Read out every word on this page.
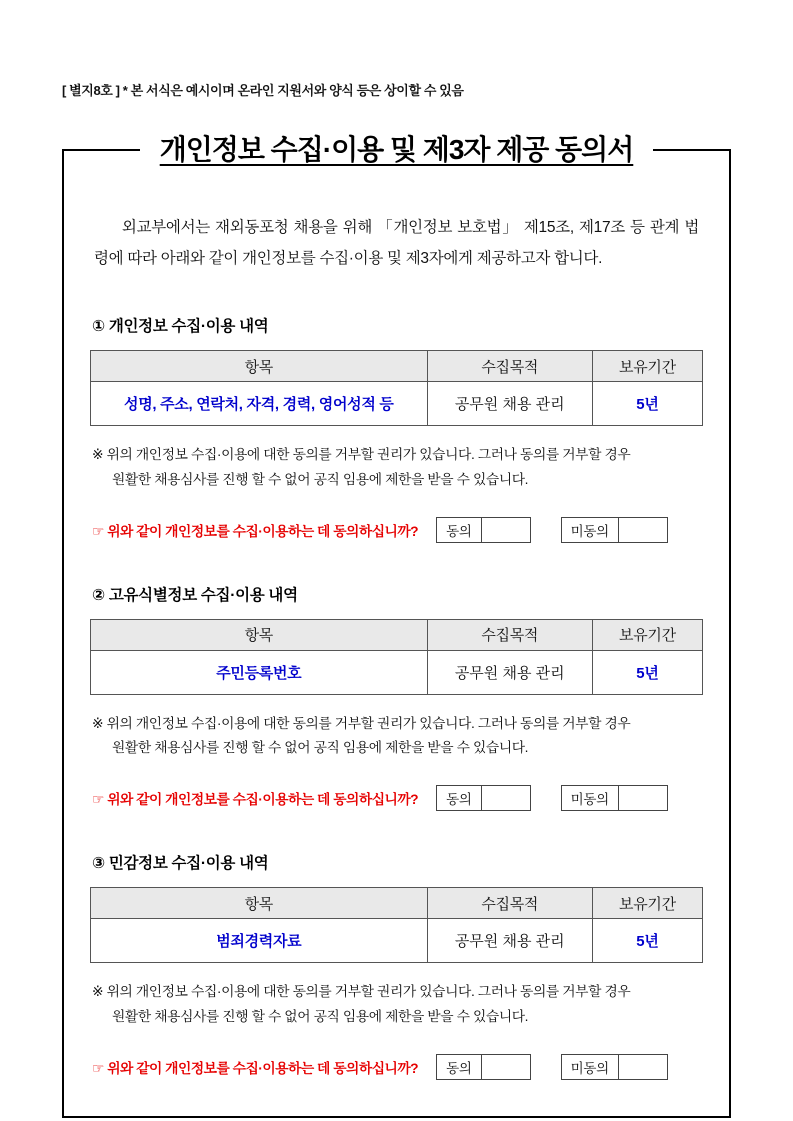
[ 별지8호 ] * 본 서식은 예시이며 온라인 지원서와 양식 등은 상이할 수 있음
개인정보 수집·이용 및 제3자 제공 동의서

외교부에서는 재외동포청 채용을 위해 「개인정보 보호법」 제15조, 제17조 등 관계 법령에 따라 아래와 같이 개인정보를 수집·이용 및 제3자에게 제공하고자 합니다.

① 개인정보 수집·이용 내역
항목	수집목적	보유기간
성명, 주소, 연락처, 자격, 경력, 영어성적 등	공무원 채용 관리	5년
※ 위의 개인정보 수집·이용에 대한 동의를 거부할 권리가 있습니다. 그러나 동의를 거부할 경우
원활한 채용심사를 진행 할 수 없어 공직 임용에 제한을 받을 수 있습니다.
☞ 위와 같이 개인정보를 수집·이용하는 데 동의하십니까?	동의	미동의
② 고유식별정보 수집·이용 내역
항목	수집목적	보유기간
주민등록번호	공무원 채용 관리	5년
※ 위의 개인정보 수집·이용에 대한 동의를 거부할 권리가 있습니다. 그러나 동의를 거부할 경우
원활한 채용심사를 진행 할 수 없어 공직 임용에 제한을 받을 수 있습니다.
☞ 위와 같이 개인정보를 수집·이용하는 데 동의하십니까?	동의	미동의
③ 민감정보 수집·이용 내역
항목	수집목적	보유기간
범죄경력자료	공무원 채용 관리	5년
※ 위의 개인정보 수집·이용에 대한 동의를 거부할 권리가 있습니다. 그러나 동의를 거부할 경우
원활한 채용심사를 진행 할 수 없어 공직 임용에 제한을 받을 수 있습니다.
☞ 위와 같이 개인정보를 수집·이용하는 데 동의하십니까?	동의	미동의
